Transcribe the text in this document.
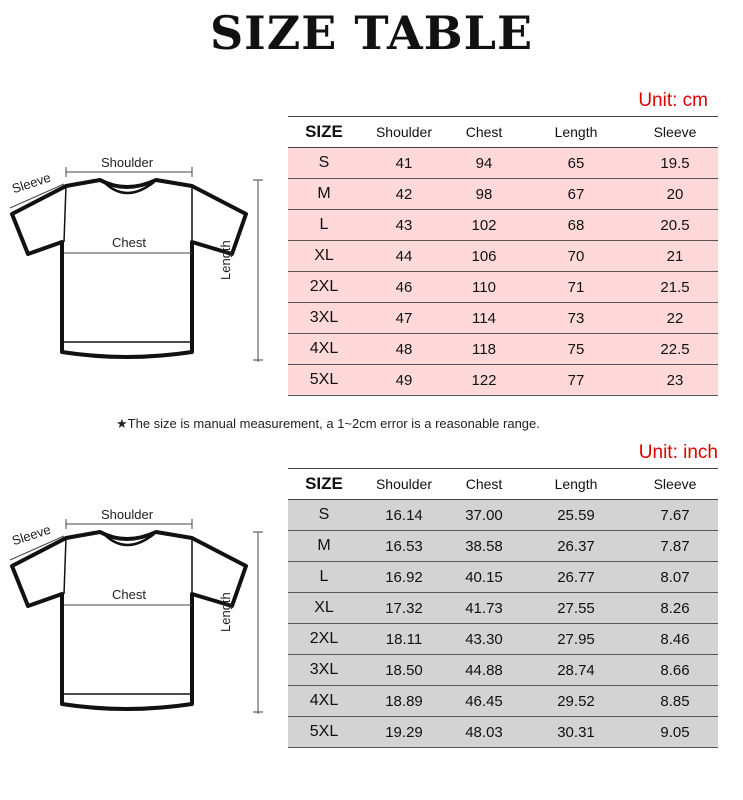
SIZE TABLE
Unit: cm
Shoulder
Sleeve
Chest	Length
SIZE	Shoulder	Chest	Length	Sleeve
S	41	94	65	19.5
M	42	98	67	20
L	43	102	68	20.5
XL	44	106	70	21
2XL	46	110	71	21.5
3XL	47	114	73	22
4XL	48	118	75	22.5
5XL	49	122	77	23
★The size is manual measurement, a 1~2cm error is a reasonable range.
Unit: inch
Shoulder
Sleeve
Chest	Length
SIZE	Shoulder	Chest	Length	Sleeve
S	16.14	37.00	25.59	7.67
M	16.53	38.58	26.37	7.87
L	16.92	40.15	26.77	8.07
XL	17.32	41.73	27.55	8.26
2XL	18.11	43.30	27.95	8.46
3XL	18.50	44.88	28.74	8.66
4XL	18.89	46.45	29.52	8.85
5XL	19.29	48.03	30.31	9.05
